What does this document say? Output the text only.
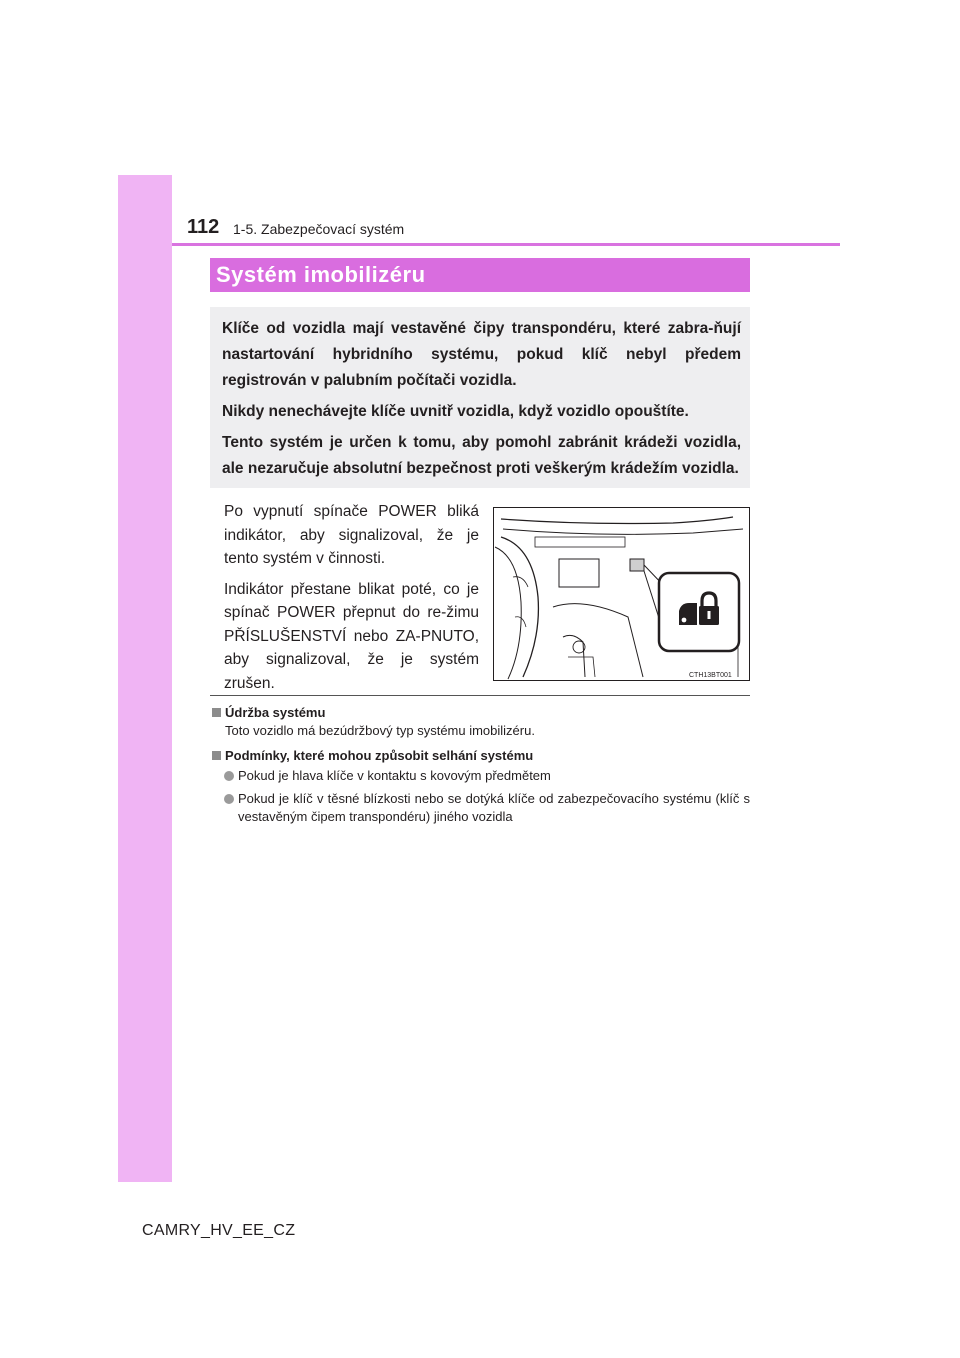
112 1-5. Zabezpečovací systém
Systém imobilizéru

Klíče od vozidla mají vestavěné čipy transpondéru, které zabra-ňují nastartování hybridního systému, pokud klíč nebyl předem registrován v palubním počítači vozidla.

Nikdy nenechávejte klíče uvnitř vozidla, když vozidlo opouštíte.

Tento systém je určen k tomu, aby pomohl zabránit krádeži vozidla, ale nezaručuje absolutní bezpečnost proti veškerým krádežím vozidla.

Po vypnutí spínače POWER bliká indikátor, aby signalizoval, že je tento systém v činnosti.

Indikátor přestane blikat poté, co je spínač POWER přepnut do re-žimu PŘÍSLUŠENSTVÍ nebo ZA-PNUTO, aby signalizoval, že je systém zrušen.	CTH13BT001
Údržba systému
Toto vozidlo má bezúdržbový typ systému imobilizéru.
Podmínky, které mohou způsobit selhání systému
Pokud je hlava klíče v kontaktu s kovovým předmětem
Pokud je klíč v těsné blízkosti nebo se dotýká klíče od zabezpečovacího systému (klíč s vestavěným čipem transpondéru) jiného vozidla
CAMRY_HV_EE_CZ
